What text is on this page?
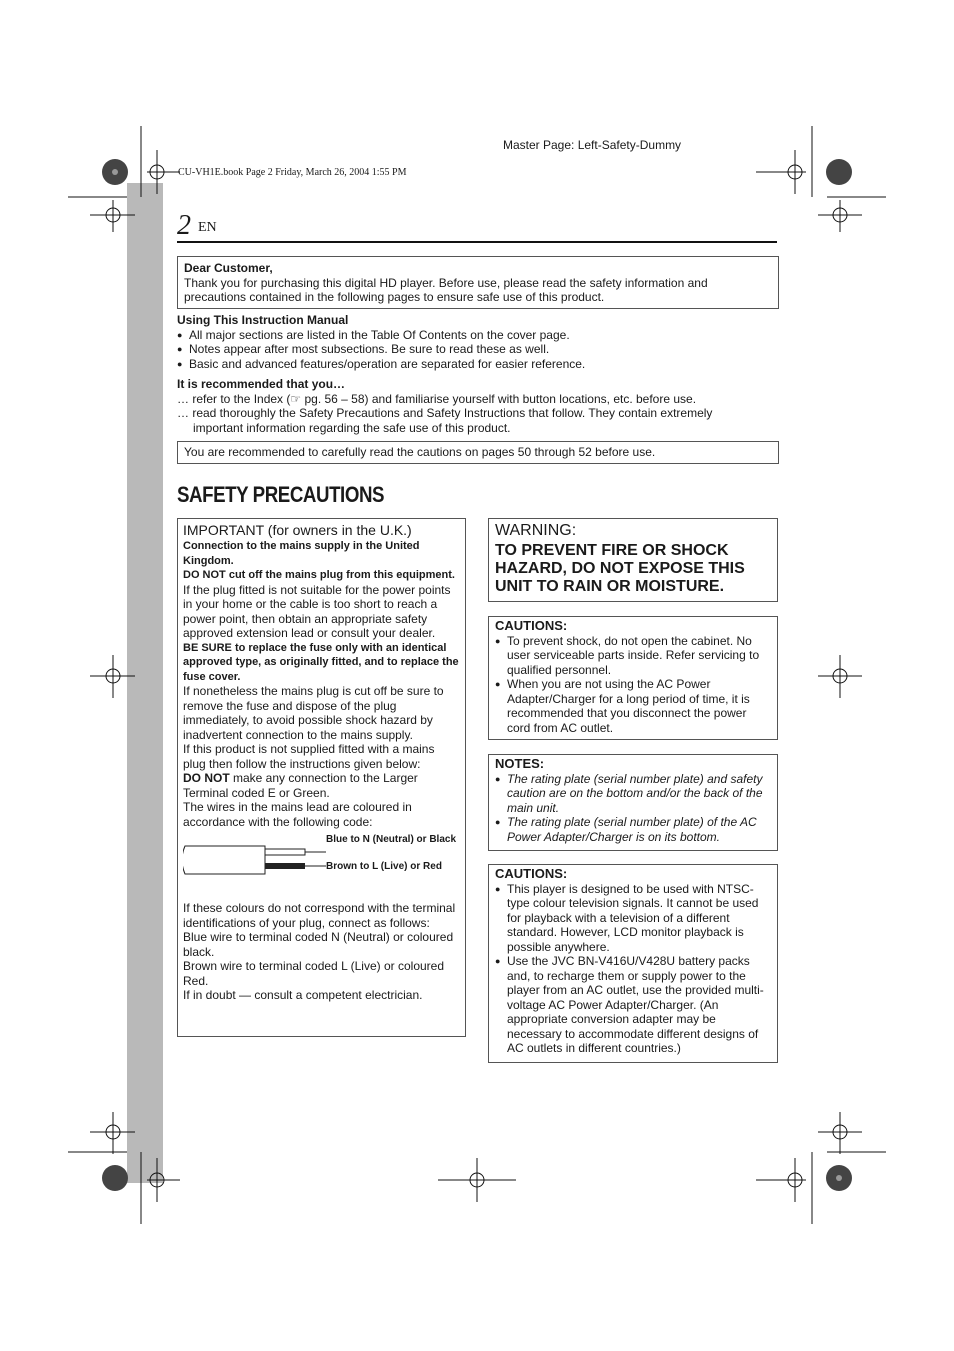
Master Page: Left-Safety-Dummy
CU-VH1E.book Page 2 Friday, March 26, 2004 1:55 PM
2 EN
Dear Customer,
Thank you for purchasing this digital HD player. Before use, please read the safety information and precautions contained in the following pages to ensure safe use of this product.
Using This Instruction Manual
● All major sections are listed in the Table Of Contents on the cover page.
● Notes appear after most subsections. Be sure to read these as well.
● Basic and advanced features/operation are separated for easier reference.
It is recommended that you…
… refer to the Index (☞ pg. 56 – 58) and familiarise yourself with button locations, etc. before use.
… read thoroughly the Safety Precautions and Safety Instructions that follow. They contain extremely
important information regarding the safe use of this product.
You are recommended to carefully read the cautions on pages 50 through 52 before use.
SAFETY PRECAUTIONS
IMPORTANT (for owners in the U.K.)
Connection to the mains supply in the United Kingdom.
DO NOT cut off the mains plug from this equipment.
If the plug fitted is not suitable for the power points in your home or the cable is too short to reach a power point, then obtain an appropriate safety approved extension lead or consult your dealer.
BE SURE to replace the fuse only with an identical approved type, as originally fitted, and to replace the fuse cover.
If nonetheless the mains plug is cut off be sure to remove the fuse and dispose of the plug immediately, to avoid possible shock hazard by inadvertent connection to the mains supply.
If this product is not supplied fitted with a mains plug then follow the instructions given below:
DO NOT make any connection to the Larger Terminal coded E or Green.
The wires in the mains lead are coloured in accordance with the following code:
Blue to N (Neutral) or Black
Brown to L (Live) or Red
If these colours do not correspond with the terminal identifications of your plug, connect as follows:
Blue wire to terminal coded N (Neutral) or coloured black.
Brown wire to terminal coded L (Live) or coloured Red.
If in doubt — consult a competent electrician.
WARNING:
TO PREVENT FIRE OR SHOCK HAZARD, DO NOT EXPOSE THIS UNIT TO RAIN OR MOISTURE.
CAUTIONS:
● To prevent shock, do not open the cabinet. No user serviceable parts inside. Refer servicing to qualified personnel.
● When you are not using the AC Power Adapter/Charger for a long period of time, it is recommended that you disconnect the power cord from AC outlet.
NOTES:
● The rating plate (serial number plate) and safety caution are on the bottom and/or the back of the main unit.
● The rating plate (serial number plate) of the AC Power Adapter/Charger is on its bottom.
CAUTIONS:
● This player is designed to be used with NTSC-type colour television signals. It cannot be used for playback with a television of a different standard. However, LCD monitor playback is possible anywhere.
● Use the JVC BN-V416U/V428U battery packs and, to recharge them or supply power to the player from an AC outlet, use the provided multi-voltage AC Power Adapter/Charger. (An appropriate conversion adapter may be necessary to accommodate different designs of AC outlets in different countries.)
